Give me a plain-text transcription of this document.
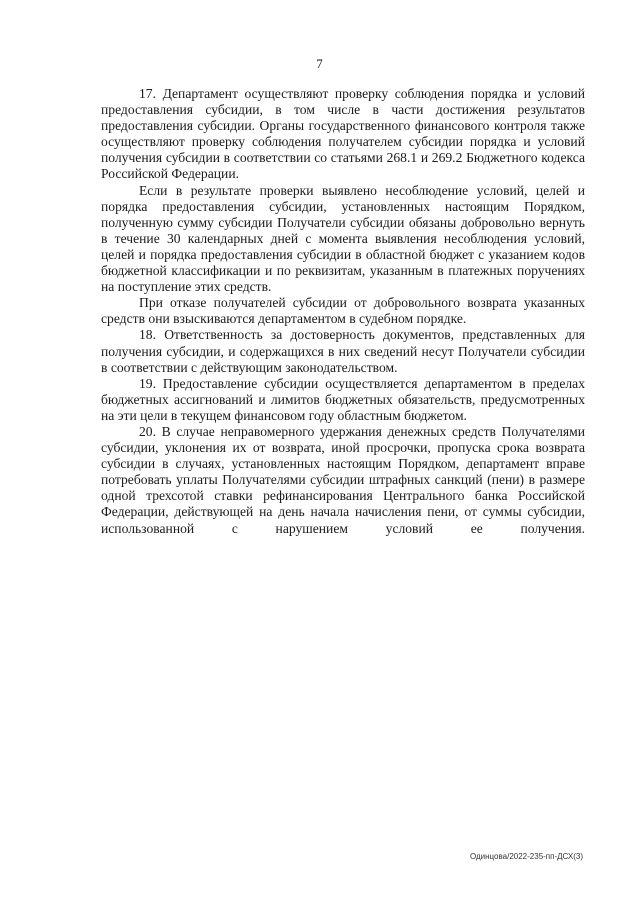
7

17. Департамент осуществляют проверку соблюдения порядка и условий предоставления субсидии, в том числе в части достижения результатов предоставления субсидии. Органы государственного финансового контроля также осуществляют проверку соблюдения получателем субсидии порядка и условий получения субсидии в соответствии со статьями 268.1 и 269.2 Бюджетного кодекса Российской Федерации.

Если в результате проверки выявлено несоблюдение условий, целей и порядка предоставления субсидии, установленных настоящим Порядком, полученную сумму субсидии Получатели субсидии обязаны добровольно вернуть в течение 30 календарных дней с момента выявления несоблюдения условий, целей и порядка предоставления субсидии в областной бюджет с указанием кодов бюджетной классификации и по реквизитам, указанным в платежных поручениях на поступление этих средств.

При отказе получателей субсидии от добровольного возврата указанных средств они взыскиваются департаментом в судебном порядке.

18. Ответственность за достоверность документов, представленных для получения субсидии, и содержащихся в них сведений несут Получатели субсидии в соответствии с действующим законодательством.

19. Предоставление субсидии осуществляется департаментом в пределах бюджетных ассигнований и лимитов бюджетных обязательств, предусмотренных на эти цели в текущем финансовом году областным бюджетом.

20. В случае неправомерного удержания денежных средств Получателями субсидии, уклонения их от возврата, иной просрочки, пропуска срока возврата субсидии в случаях, установленных настоящим Порядком, департамент вправе потребовать уплаты Получателями субсидии штрафных санкций (пени) в размере одной трехсотой ставки рефинансирования Центрального банка Российской Федерации, действующей на день начала начисления пени, от суммы субсидии, использованной с нарушением условий ее получения.

Одинцова/2022-235-пп-ДСХ(3)
